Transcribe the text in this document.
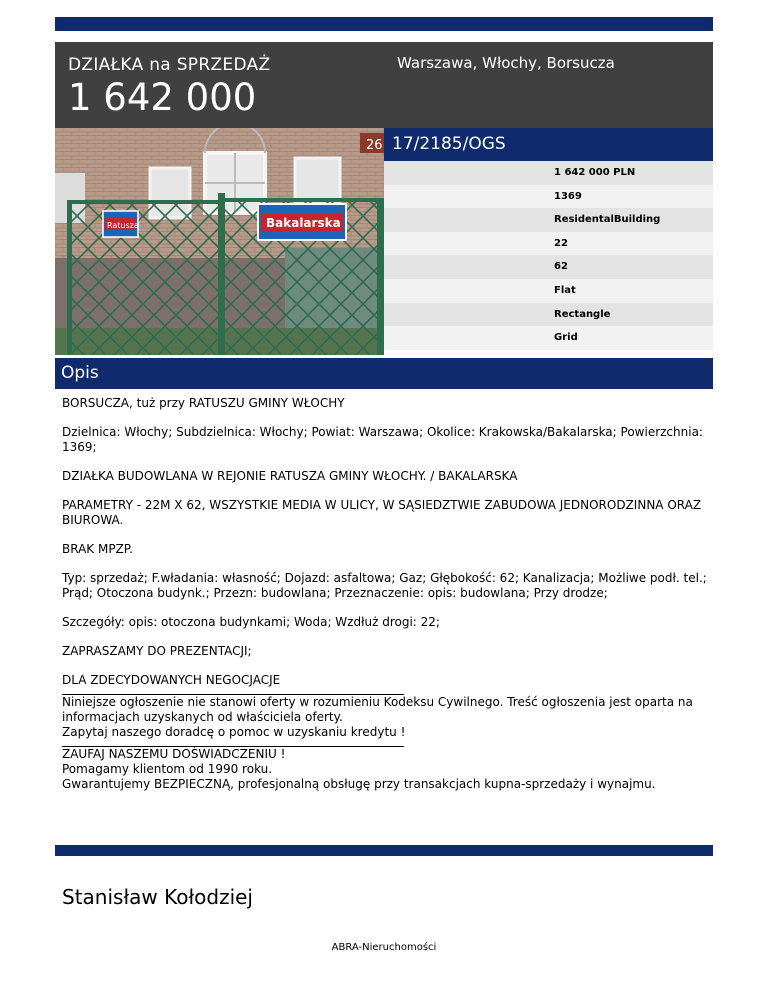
DZIAŁKA na SPRZEDAŻ
1 642 000
Warszawa, Włochy, Borsucza
26
Ratusza	Bakalarska
17/2185/OGS
1 642 000 PLN
1369
ResidentalBuilding
22
62
Flat
Rectangle
Grid
Opis

BORSUCZA, tuż przy RATUSZU GMINY WŁOCHY

Dzielnica: Włochy; Subdzielnica: Włochy; Powiat: Warszawa; Okolice: Krakowska/Bakalarska; Powierzchnia: 1369;

DZIAŁKA BUDOWLANA W REJONIE RATUSZA GMINY WŁOCHY. / BAKALARSKA

PARAMETRY - 22M X 62, WSZYSTKIE MEDIA W ULICY, W SĄSIEDZTWIE ZABUDOWA JEDNORODZINNA ORAZ BIUROWA.

BRAK MPZP.

Typ: sprzedaż; F.władania: własność; Dojazd: asfaltowa; Gaz; Głębokość: 62; Kanalizacja; Możliwe podł. tel.; Prąd; Otoczona budynk.; Przezn: budowlana; Przeznaczenie: opis: budowlana; Przy drodze;

Szczegóły: opis: otoczona budynkami; Woda; Wzdłuż drogi: 22;

ZAPRASZAMY DO PREZENTACJI;

DLA ZDECYDOWANYCH NEGOCJACJE

Niniejsze ogłoszenie nie stanowi oferty w rozumieniu Kodeksu Cywilnego. Treść ogłoszenia jest oparta na informacjach uzyskanych od właściciela oferty.

Zapytaj naszego doradcę o pomoc w uzyskaniu kredytu !

ZAUFAJ NASZEMU DOŚWIADCZENIU !

Pomagamy klientom od 1990 roku.

Gwarantujemy BEZPIECZNĄ, profesjonalną obsługę przy transakcjach kupna-sprzedaży i wynajmu.

Stanisław Kołodziej
ABRA-Nieruchomości
